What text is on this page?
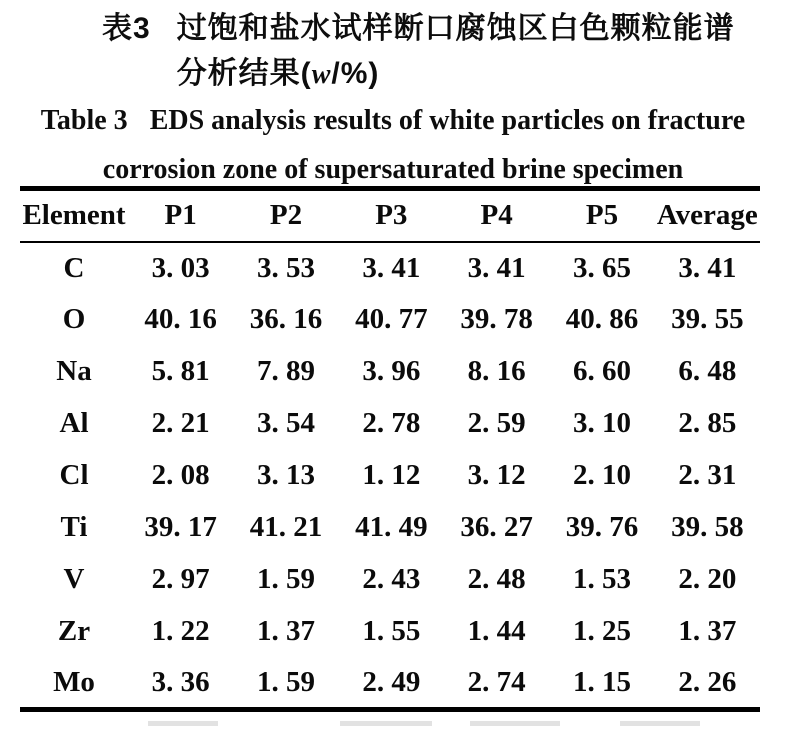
表3 过饱和盐水试样断口腐蚀区白色颗粒能谱
分析结果(w/%)
Table 3 EDS analysis results of white particles on fracture
corrosion zone of supersaturated brine specimen
Element	P1	P2	P3	P4	P5	Average
C	3. 03	3. 53	3. 41	3. 41	3. 65	3. 41
O	40. 16	36. 16	40. 77	39. 78	40. 86	39. 55
Na	5. 81	7. 89	3. 96	8. 16	6. 60	6. 48
Al	2. 21	3. 54	2. 78	2. 59	3. 10	2. 85
Cl	2. 08	3. 13	1. 12	3. 12	2. 10	2. 31
Ti	39. 17	41. 21	41. 49	36. 27	39. 76	39. 58
V	2. 97	1. 59	2. 43	2. 48	1. 53	2. 20
Zr	1. 22	1. 37	1. 55	1. 44	1. 25	1. 37
Mo	3. 36	1. 59	2. 49	2. 74	1. 15	2. 26
